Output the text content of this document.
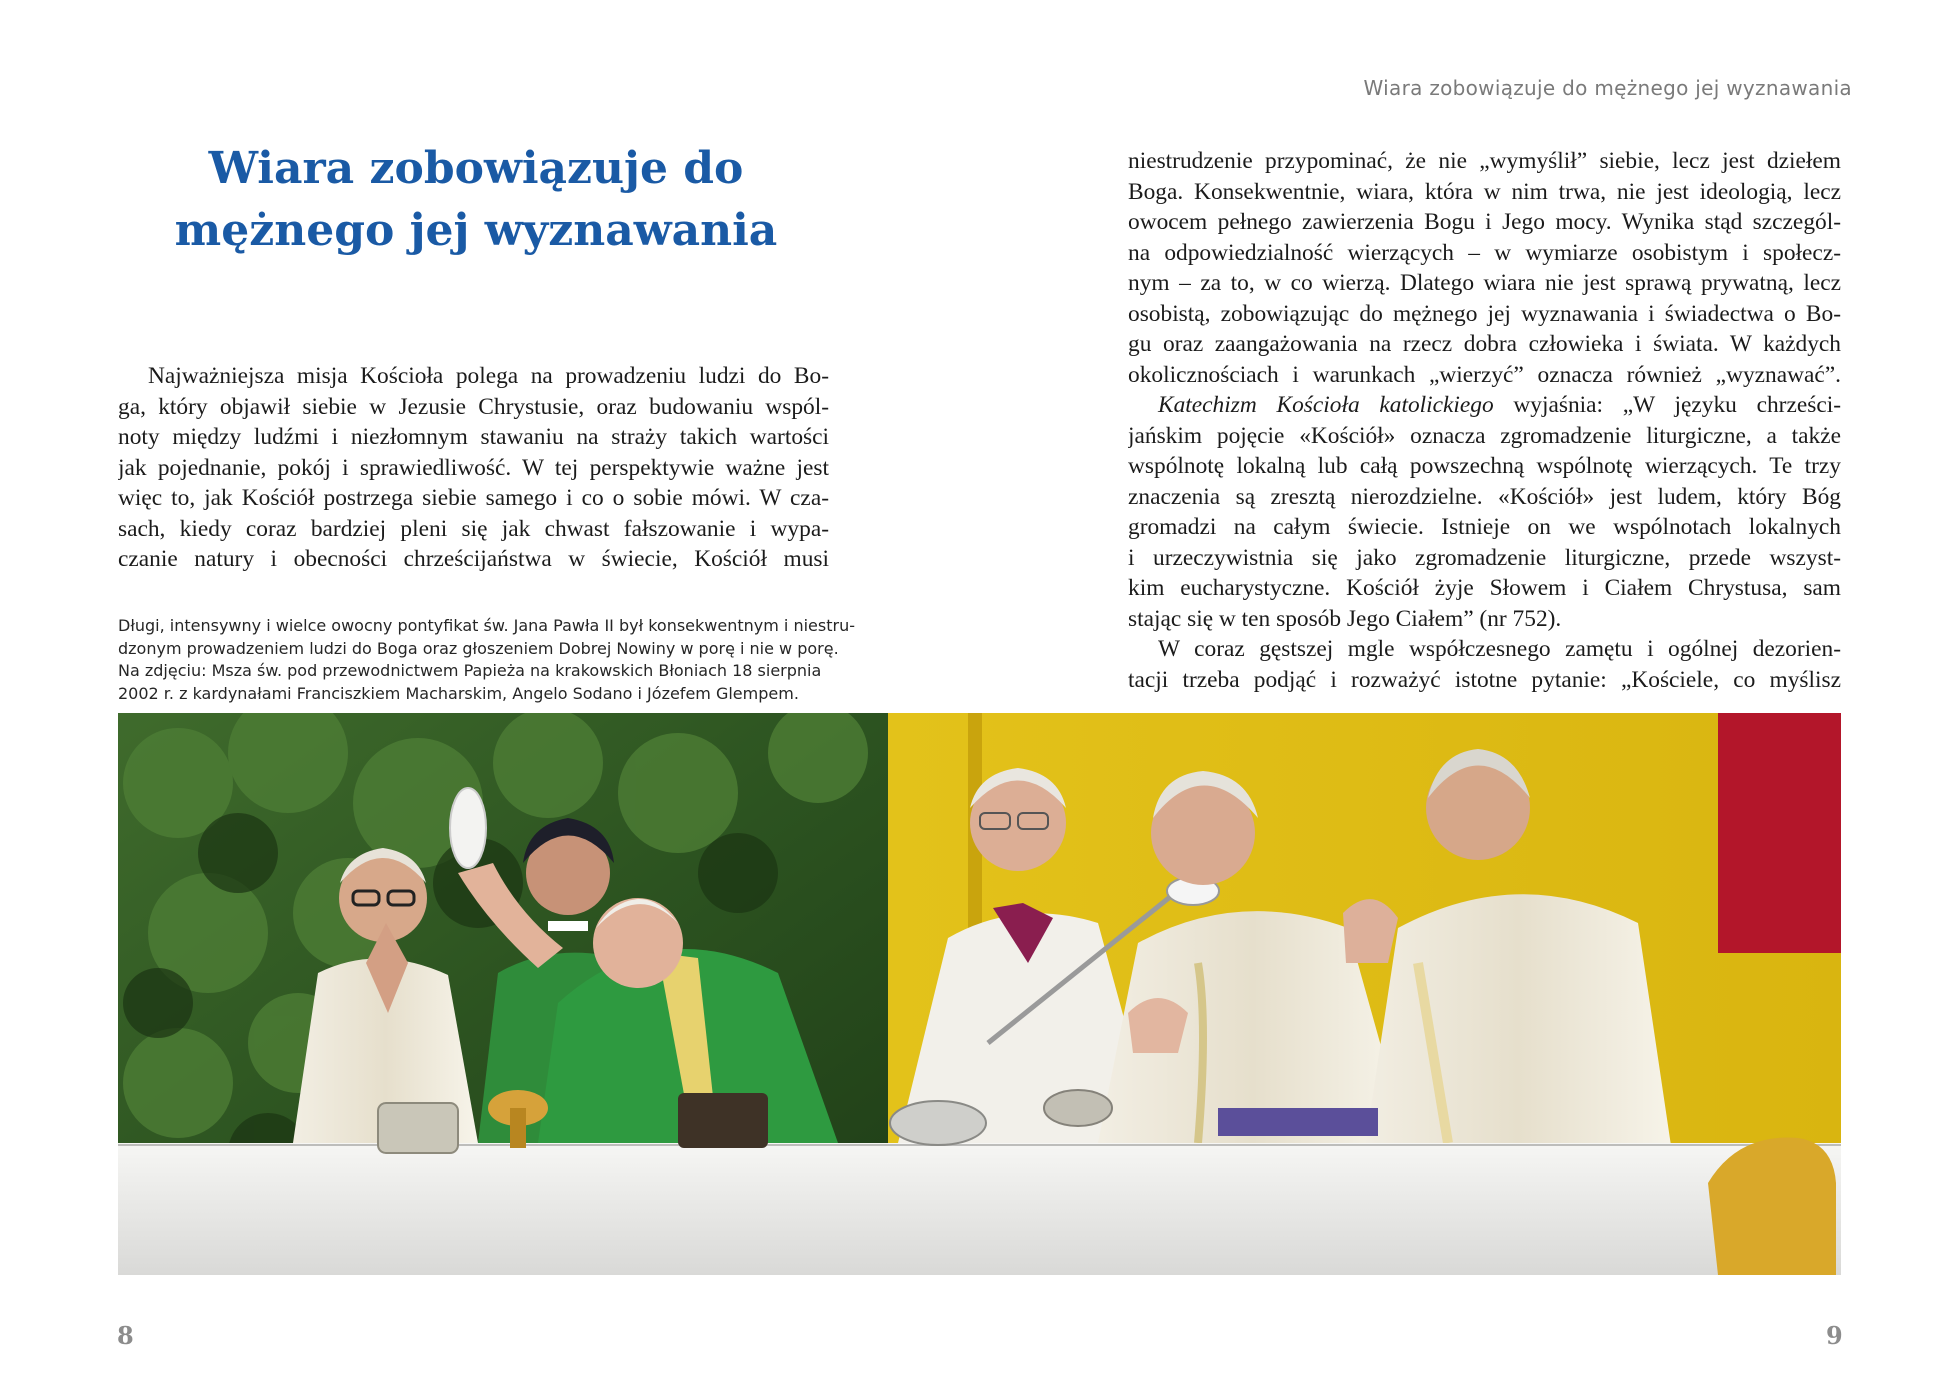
Wiara zobowiązuje do mężnego jej wyznawania
Wiara zobowiązuje do
mężnego jej wyznawania
Najważniejsza misja Kościoła polega na prowadzeniu ludzi do Bo-
ga, który objawił siebie w Jezusie Chrystusie, oraz budowaniu wspól-
noty między ludźmi i niezłomnym stawaniu na straży takich wartości
jak pojednanie, pokój i sprawiedliwość. W tej perspektywie ważne jest
więc to, jak Kościół postrzega siebie samego i co o sobie mówi. W cza-
sach, kiedy coraz bardziej pleni się jak chwast fałszowanie i wypa-
czanie natury i obecności chrześcijaństwa w świecie, Kościół musi
Długi, intensywny i wielce owocny pontyfikat św. Jana Pawła II był konsekwentnym i niestru-
dzonym prowadzeniem ludzi do Boga oraz głoszeniem Dobrej Nowiny w porę i nie w porę.
Na zdjęciu: Msza św. pod przewodnictwem Papieża na krakowskich Błoniach 18 sierpnia
2002 r. z kardynałami Franciszkiem Macharskim, Angelo Sodano i Józefem Glempem.
niestrudzenie przypominać, że nie „wymyślił” siebie, lecz jest dziełem
Boga. Konsekwentnie, wiara, która w nim trwa, nie jest ideologią, lecz
owocem pełnego zawierzenia Bogu i Jego mocy. Wynika stąd szczegól-
na odpowiedzialność wierzących – w wymiarze osobistym i społecz-
nym – za to, w co wierzą. Dlatego wiara nie jest sprawą prywatną, lecz
osobistą, zobowiązując do mężnego jej wyznawania i świadectwa o Bo-
gu oraz zaangażowania na rzecz dobra człowieka i świata. W każdych
okolicznościach i warunkach „wierzyć” oznacza również „wyznawać”.
Katechizm Kościoła katolickiego wyjaśnia: „W języku chrześci-
jańskim pojęcie «Kościół» oznacza zgromadzenie liturgiczne, a także
wspólnotę lokalną lub całą powszechną wspólnotę wierzących. Te trzy
znaczenia są zresztą nierozdzielne. «Kościół» jest ludem, który Bóg
gromadzi na całym świecie. Istnieje on we wspólnotach lokalnych
i urzeczywistnia się jako zgromadzenie liturgiczne, przede wszyst-
kim eucharystyczne. Kościół żyje Słowem i Ciałem Chrystusa, sam
stając się w ten sposób Jego Ciałem” (nr 752).
W coraz gęstszej mgle współczesnego zamętu i ogólnej dezorien-
tacji trzeba podjąć i rozważyć istotne pytanie: „Kościele, co myślisz
8	9
